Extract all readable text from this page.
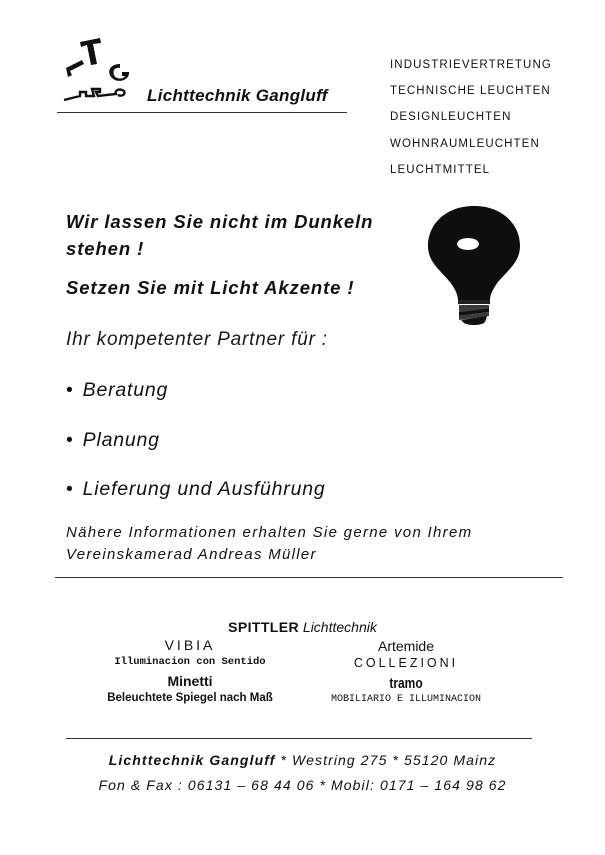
Lichttechnik Gangluff
INDUSTRIEVERTRETUNG
TECHNISCHE LEUCHTEN
DESIGNLEUCHTEN
WOHNRAUMLEUCHTEN
LEUCHTMITTEL
Wir lassen Sie nicht im Dunkeln
stehen !
Setzen Sie mit Licht Akzente !
Ihr kompetenter Partner für :
• Beratung
• Planung
• Lieferung und Ausführung
Nähere Informationen erhalten Sie gerne von Ihrem
Vereinskamerad Andreas Müller
SPITTLER Lichttechnik
VIBIA
Illuminacion con Sentido
Minetti
Beleuchtete Spiegel nach Maß
Artemide
COLLEZIONI
tramo
MOBILIARIO E ILLUMINACION
Lichttechnik Gangluff * Westring 275 * 55120 Mainz
Fon & Fax : 06131 – 68 44 06 * Mobil: 0171 – 164 98 62
